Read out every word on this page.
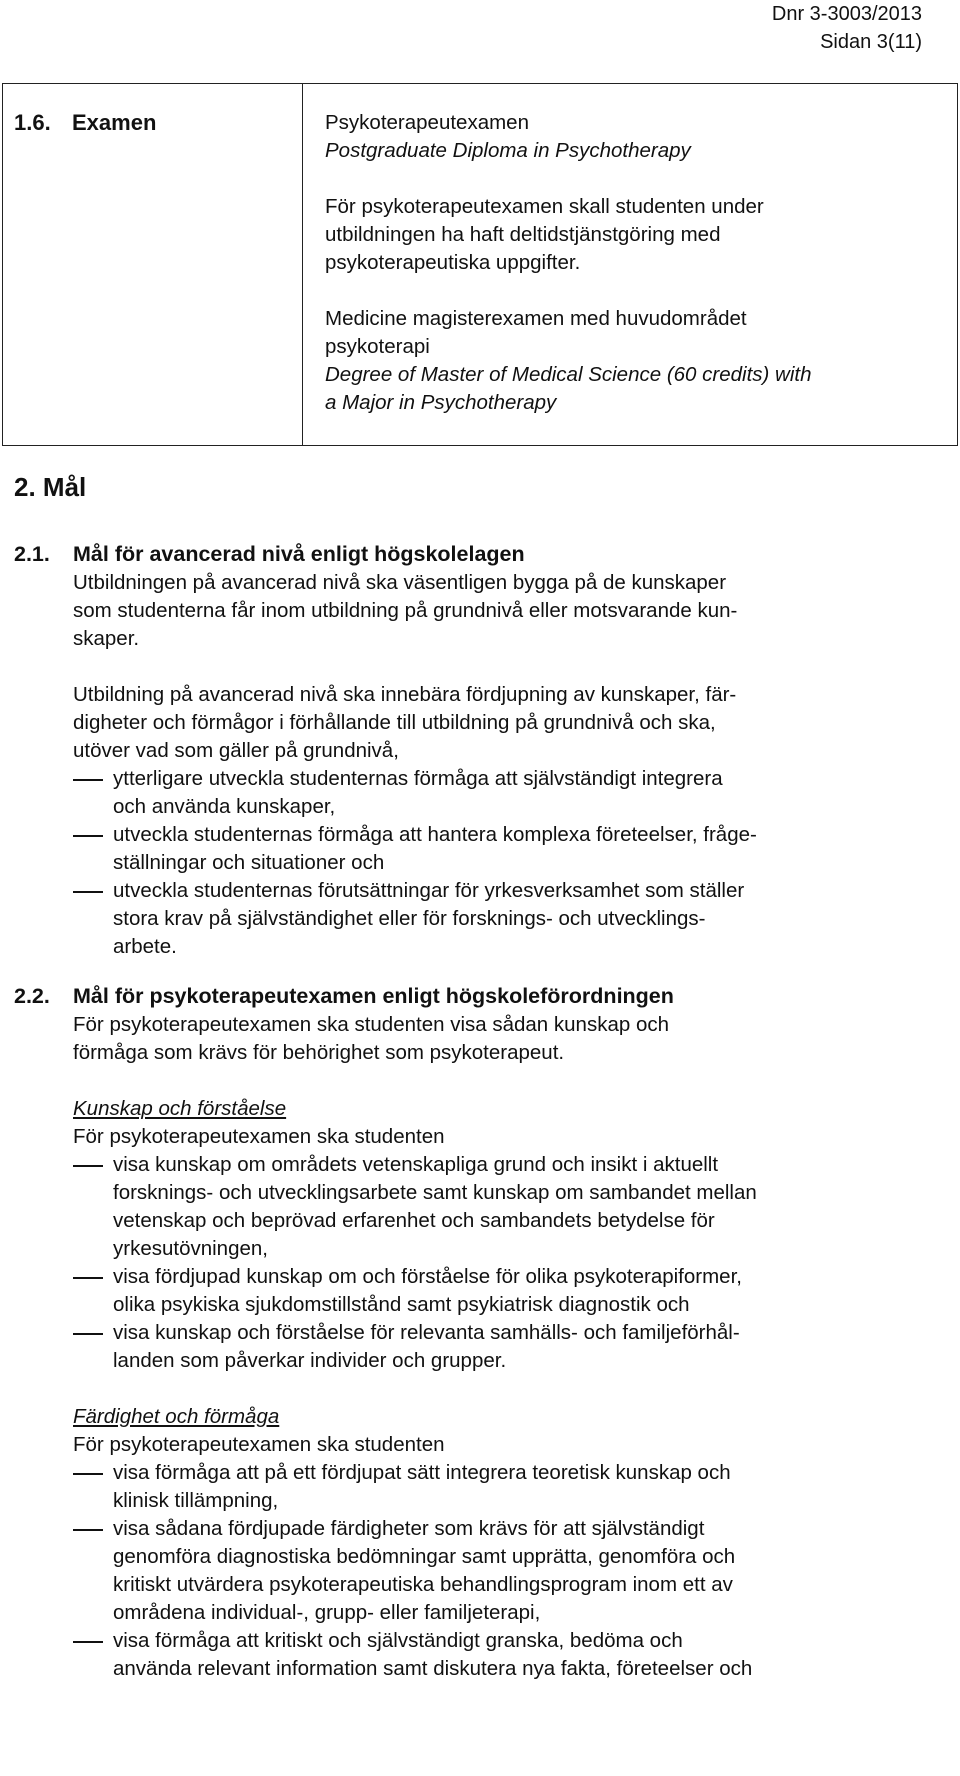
Dnr 3-3003/2013
Sidan 3(11)
1.6. Examen	Psykoterapeutexamen

Postgraduate Diploma in Psychotherapy

För psykoterapeutexamen skall studenten under

utbildningen ha haft deltidstjänstgöring med

psykoterapeutiska uppgifter.

Medicine magisterexamen med huvudområdet

psykoterapi

Degree of Master of Medical Science (60 credits) with

a Major in Psychotherapy

2. Mål
2.1. Mål för avancerad nivå enligt högskolelagen

Utbildningen på avancerad nivå ska väsentligen bygga på de kunskaper

som studenterna får inom utbildning på grundnivå eller motsvarande kun-

skaper.

Utbildning på avancerad nivå ska innebära fördjupning av kunskaper, fär-

digheter och förmågor i förhållande till utbildning på grundnivå och ska,

utöver vad som gäller på grundnivå,

ytterligare utveckla studenternas förmåga att självständigt integrera

och använda kunskaper,

utveckla studenternas förmåga att hantera komplexa företeelser, fråge-

ställningar och situationer och

utveckla studenternas förutsättningar för yrkesverksamhet som ställer

stora krav på självständighet eller för forsknings- och utvecklings-

arbete.

2.2. Mål för psykoterapeutexamen enligt högskoleförordningen

För psykoterapeutexamen ska studenten visa sådan kunskap och

förmåga som krävs för behörighet som psykoterapeut.

Kunskap och förståelse

För psykoterapeutexamen ska studenten

visa kunskap om områdets vetenskapliga grund och insikt i aktuellt

forsknings- och utvecklingsarbete samt kunskap om sambandet mellan

vetenskap och beprövad erfarenhet och sambandets betydelse för

yrkesutövningen,

visa fördjupad kunskap om och förståelse för olika psykoterapiformer,

olika psykiska sjukdomstillstånd samt psykiatrisk diagnostik och

visa kunskap och förståelse för relevanta samhälls- och familjeförhål-

landen som påverkar individer och grupper.

Färdighet och förmåga

För psykoterapeutexamen ska studenten

visa förmåga att på ett fördjupat sätt integrera teoretisk kunskap och

klinisk tillämpning,

visa sådana fördjupade färdigheter som krävs för att självständigt

genomföra diagnostiska bedömningar samt upprätta, genomföra och

kritiskt utvärdera psykoterapeutiska behandlingsprogram inom ett av

områdena individual-, grupp- eller familjeterapi,

visa förmåga att kritiskt och självständigt granska, bedöma och

använda relevant information samt diskutera nya fakta, företeelser och
